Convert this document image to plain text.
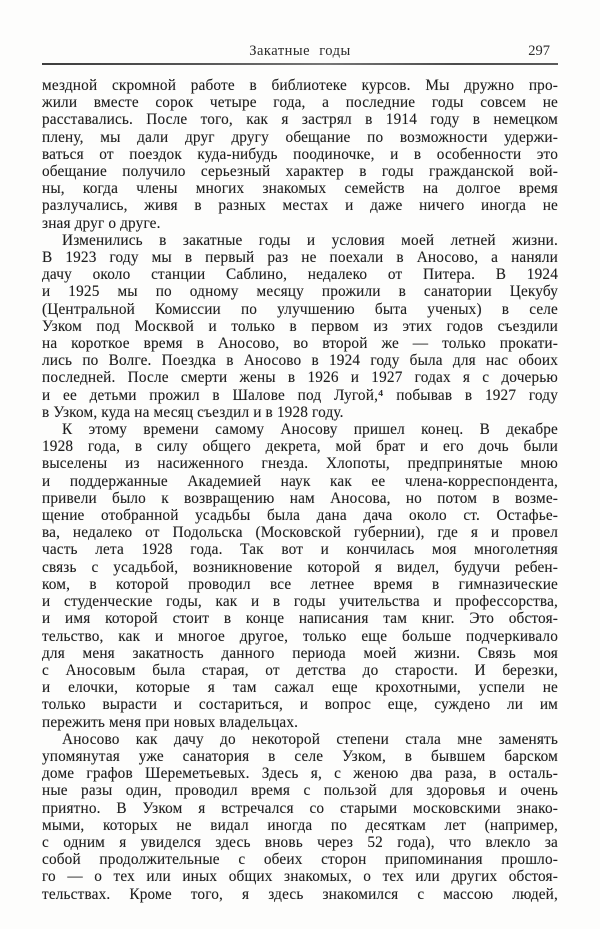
Закатные годы	297
мездной скромной работе в библиотеке курсов. Мы дружно про-
жили вместе сорок четыре года, а последние годы совсем не
расставались. После того, как я застрял в 1914 году в немецком
плену, мы дали друг другу обещание по возможности удержи-
ваться от поездок куда-нибудь поодиночке, и в особенности это
обещание получило серьезный характер в годы гражданской вой-
ны, когда члены многих знакомых семейств на долгое время
разлучались, живя в разных местах и даже ничего иногда не
зная друг о друге.
Изменились в закатные годы и условия моей летней жизни.
В 1923 году мы в первый раз не поехали в Аносово, а наняли
дачу около станции Саблино, недалеко от Питера. В 1924
и 1925 мы по одному месяцу прожили в санатории Цекубу
(Центральной Комиссии по улучшению быта ученых) в селе
Узком под Москвой и только в первом из этих годов съездили
на короткое время в Аносово, во второй же — только прокати-
лись по Волге. Поездка в Аносово в 1924 году была для нас обоих
последней. После смерти жены в 1926 и 1927 годах я с дочерью
и ее детьми прожил в Шалове под Лугой,⁴ побывав в 1927 году
в Узком, куда на месяц съездил и в 1928 году.
К этому времени самому Аносову пришел конец. В декабре
1928 года, в силу общего декрета, мой брат и его дочь были
выселены из насиженного гнезда. Хлопоты, предпринятые мною
и поддержанные Академией наук как ее члена-корреспондента,
привели было к возвращению нам Аносова, но потом в возме-
щение отобранной усадьбы была дана дача около ст. Остафье-
ва, недалеко от Подольска (Московской губернии), где я и провел
часть лета 1928 года. Так вот и кончилась моя многолетняя
связь с усадьбой, возникновение которой я видел, будучи ребен-
ком, в которой проводил все летнее время в гимназические
и студенческие годы, как и в годы учительства и профессорства,
и имя которой стоит в конце написания там книг. Это обстоя-
тельство, как и многое другое, только еще больше подчеркивало
для меня закатность данного периода моей жизни. Связь моя
с Аносовым была старая, от детства до старости. И березки,
и елочки, которые я там сажал еще крохотными, успели не
только вырасти и состариться, и вопрос еще, суждено ли им
пережить меня при новых владельцах.
Аносово как дачу до некоторой степени стала мне заменять
упомянутая уже санатория в селе Узком, в бывшем барском
доме графов Шереметьевых. Здесь я, с женою два раза, в осталь-
ные разы один, проводил время с пользой для здоровья и очень
приятно. В Узком я встречался со старыми московскими знако-
мыми, которых не видал иногда по десяткам лет (например,
с одним я увиделся здесь вновь через 52 года), что влекло за
собой продолжительные с обеих сторон припоминания прошло-
го — о тех или иных общих знакомых, о тех или других обстоя-
тельствах. Кроме того, я здесь знакомился с массою людей,
